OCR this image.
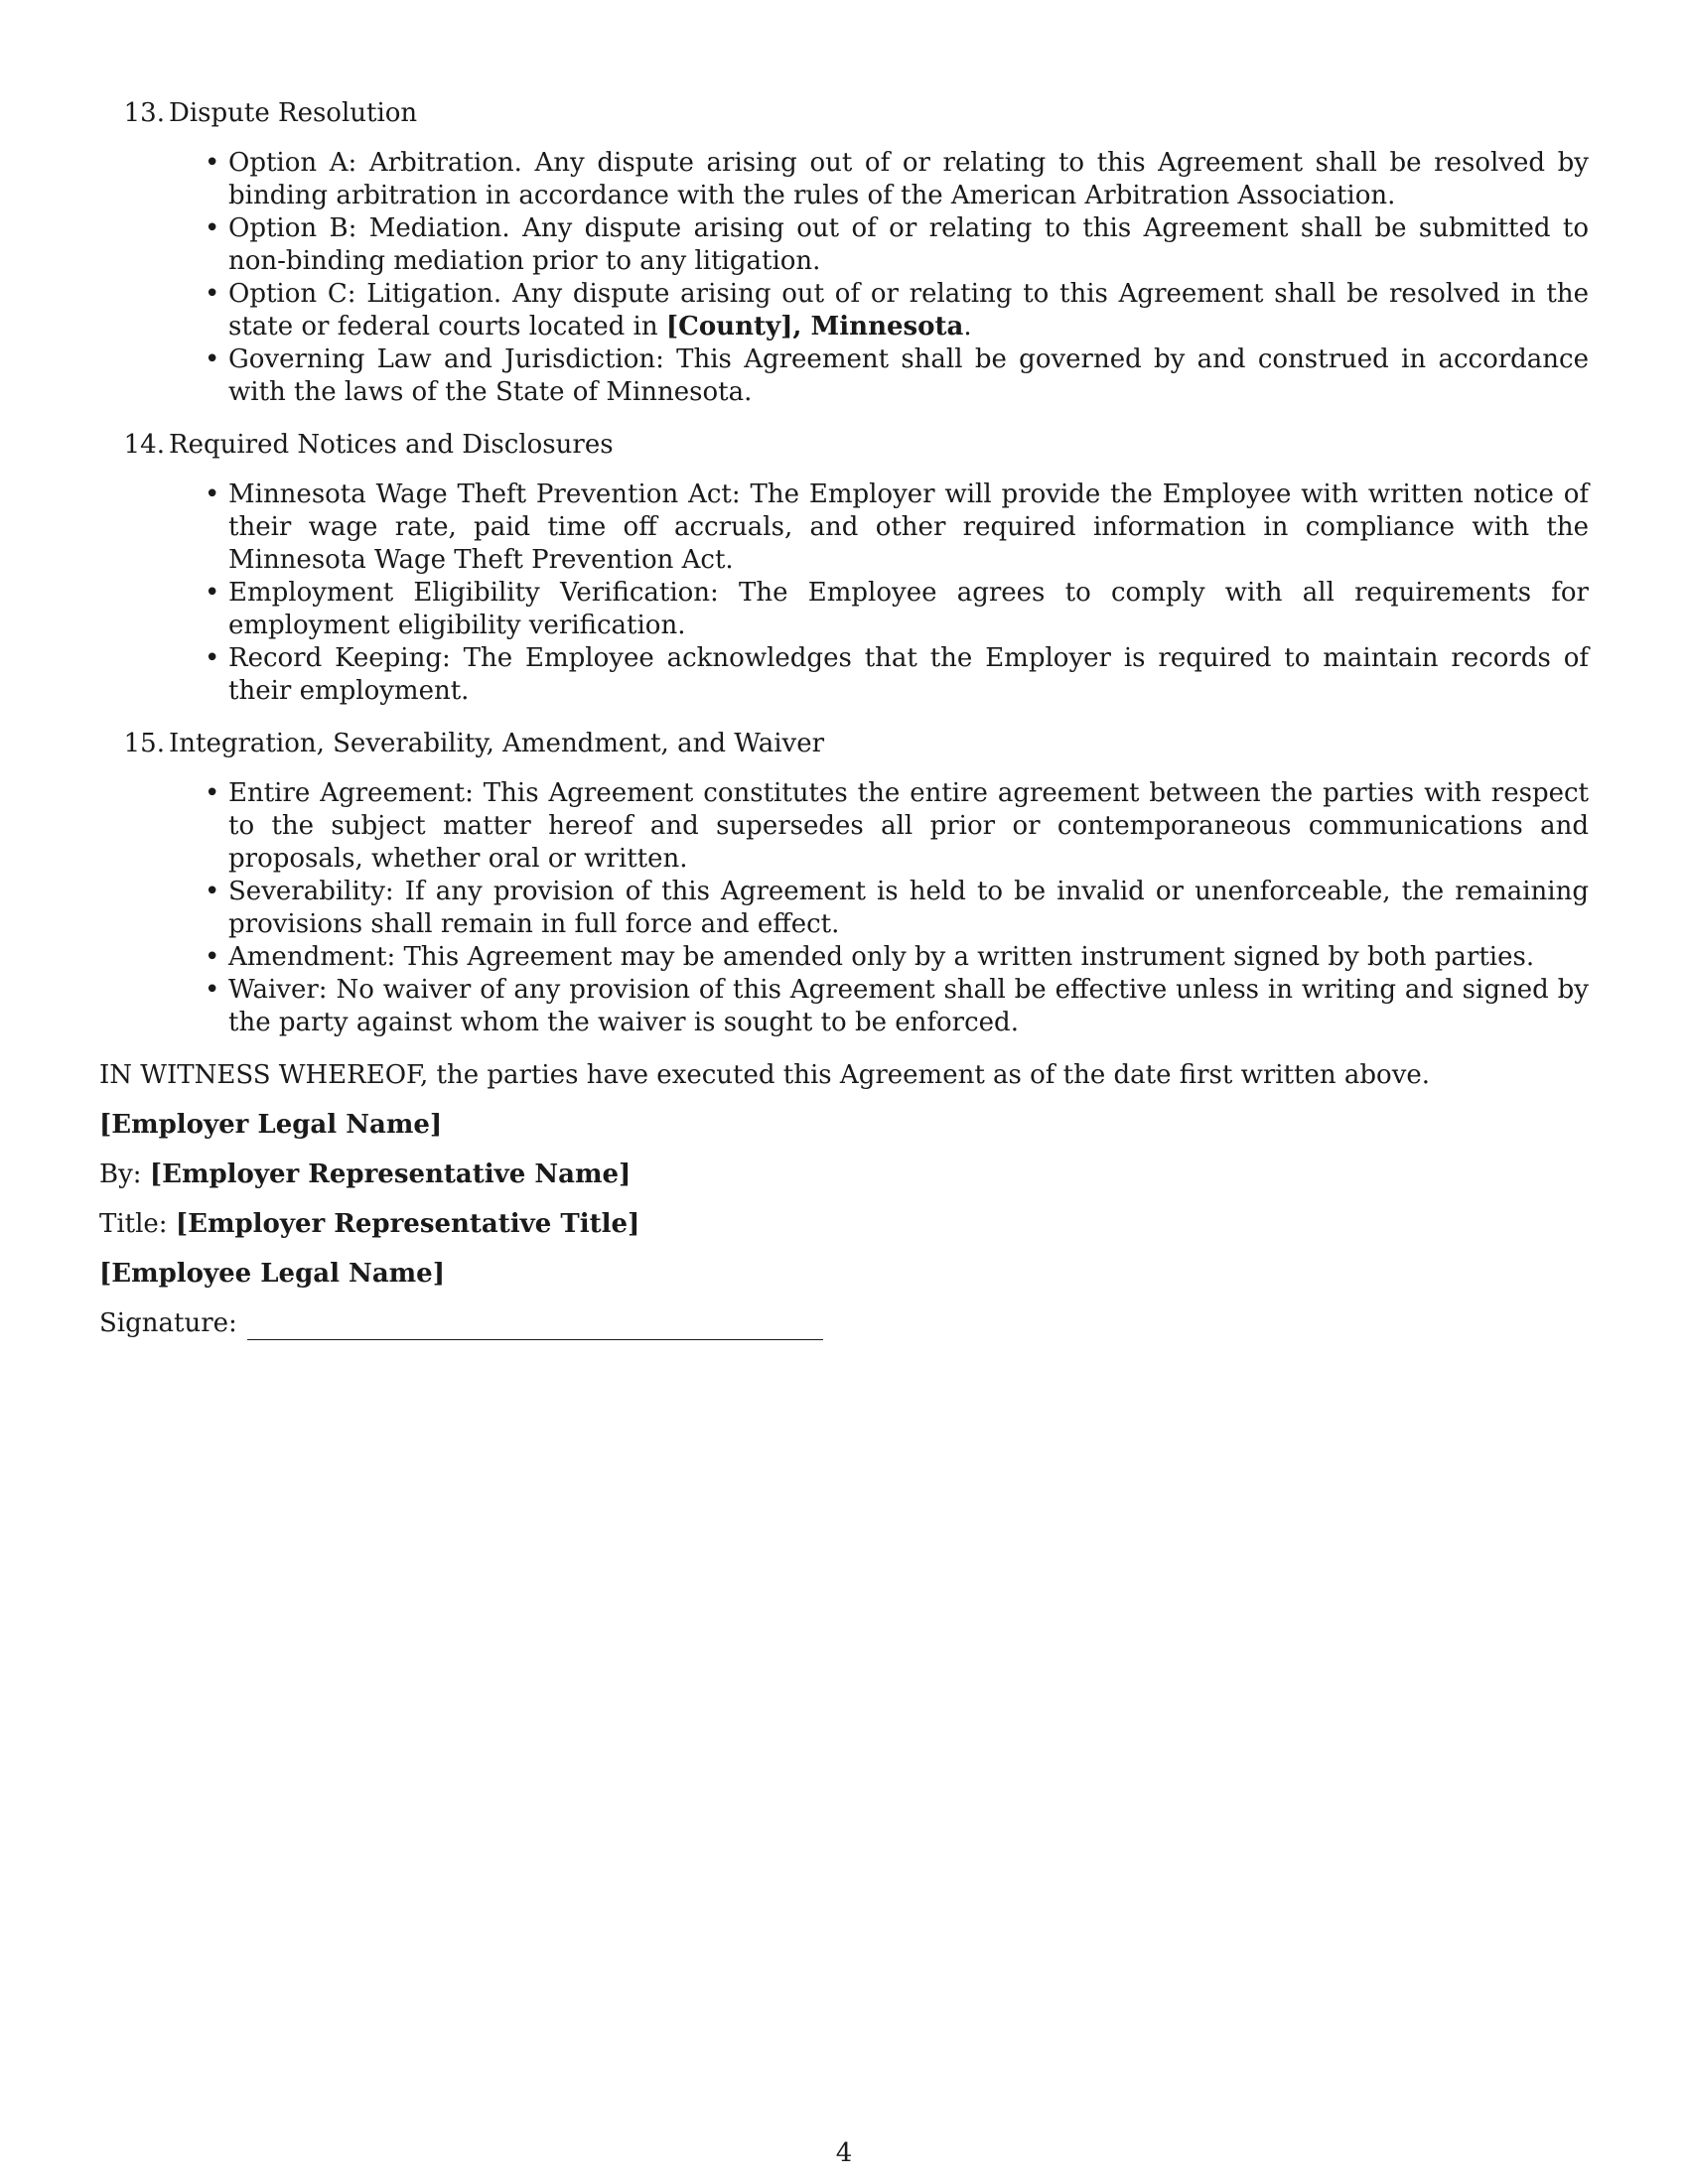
13. Dispute Resolution
• Option A: Arbitration. Any dispute arising out of or relating to this Agreement shall be resolved by binding arbitration in accordance with the rules of the American Arbitration Association.
• Option B: Mediation. Any dispute arising out of or relating to this Agreement shall be submitted to non-binding mediation prior to any litigation.
• Option C: Litigation. Any dispute arising out of or relating to this Agreement shall be resolved in the state or federal courts located in [County], Minnesota.
• Governing Law and Jurisdiction: This Agreement shall be governed by and construed in accordance with the laws of the State of Minnesota.
14. Required Notices and Disclosures
• Minnesota Wage Theft Prevention Act: The Employer will provide the Employee with written notice of their wage rate, paid time off accruals, and other required information in compliance with the Minnesota Wage Theft Prevention Act.
• Employment Eligibility Verification: The Employee agrees to comply with all requirements for employment eligibility verification.
• Record Keeping: The Employee acknowledges that the Employer is required to maintain records of their employment.
15. Integration, Severability, Amendment, and Waiver
• Entire Agreement: This Agreement constitutes the entire agreement between the parties with respect to the subject matter hereof and supersedes all prior or contemporaneous communications and proposals, whether oral or written.
• Severability: If any provision of this Agreement is held to be invalid or unenforceable, the remaining provisions shall remain in full force and effect.
• Amendment: This Agreement may be amended only by a written instrument signed by both parties.
• Waiver: No waiver of any provision of this Agreement shall be effective unless in writing and signed by the party against whom the waiver is sought to be enforced.

IN WITNESS WHEREOF, the parties have executed this Agreement as of the date first written above.

[Employer Legal Name]

By: [Employer Representative Name]

Title: [Employer Representative Title]

[Employee Legal Name]

Signature:

4
